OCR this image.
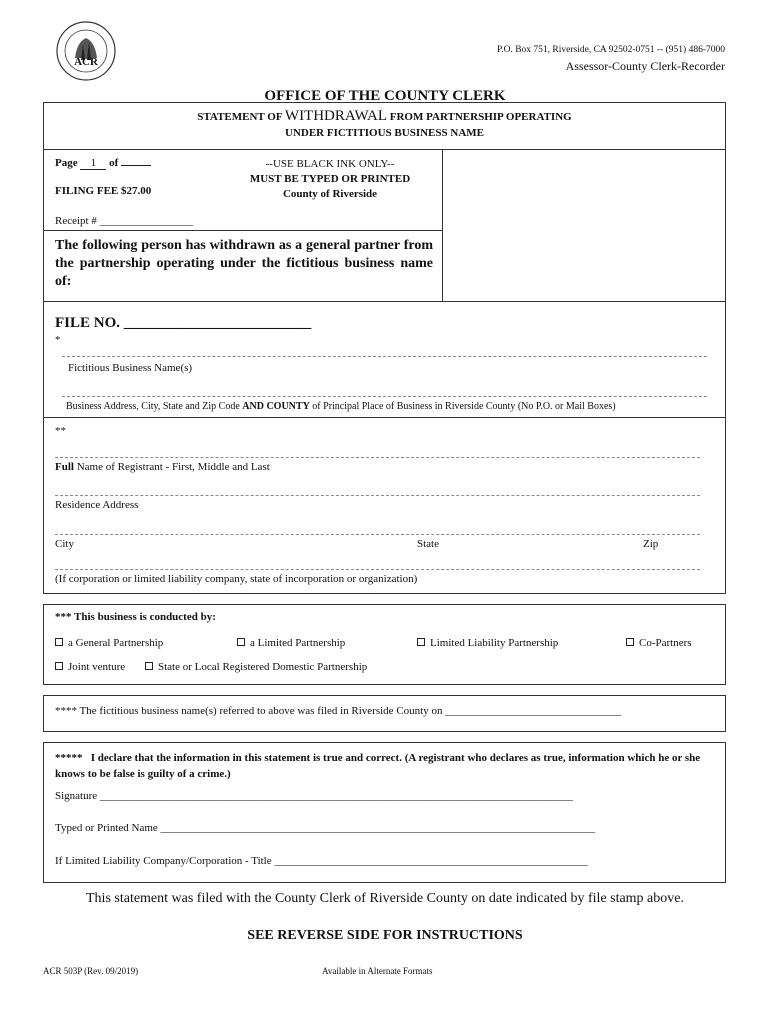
ACR
P.O. Box 751, Riverside, CA 92502-0751 -- (951) 486-7000
Assessor-County Clerk-Recorder
OFFICE OF THE COUNTY CLERK
STATEMENT OF WITHDRAWAL FROM PARTNERSHIP OPERATING
UNDER FICTITIOUS BUSINESS NAME
Page 1 of
FILING FEE $27.00
Receipt # _________________
--USE BLACK INK ONLY--
MUST BE TYPED OR PRINTED
County of Riverside
The following person has withdrawn as a general partner from the partnership operating under the fictitious business name of:
FILE NO. _________________________
*
Fictitious Business Name(s)
Business Address, City, State and Zip Code AND COUNTY of Principal Place of Business in Riverside County (No P.O. or Mail Boxes)
**
Full Name of Registrant - First, Middle and Last
Residence Address
City	State	Zip
(If corporation or limited liability company, state of incorporation or organization)
*** This business is conducted by:
a General Partnership	a Limited Partnership	Limited Liability Partnership	Co-Partners
Joint venture	State or Local Registered Domestic Partnership
**** The fictitious business name(s) referred to above was filed in Riverside County on ________________________________
***** I declare that the information in this statement is true and correct. (A registrant who declares as true, information which he or she knows to be false is guilty of a crime.)
Signature ______________________________________________________________________________________
Typed or Printed Name _______________________________________________________________________________
If Limited Liability Company/Corporation - Title _________________________________________________________
This statement was filed with the County Clerk of Riverside County on date indicated by file stamp above.
SEE REVERSE SIDE FOR INSTRUCTIONS
ACR 503P (Rev. 09/2019)	Available in Alternate Formats
